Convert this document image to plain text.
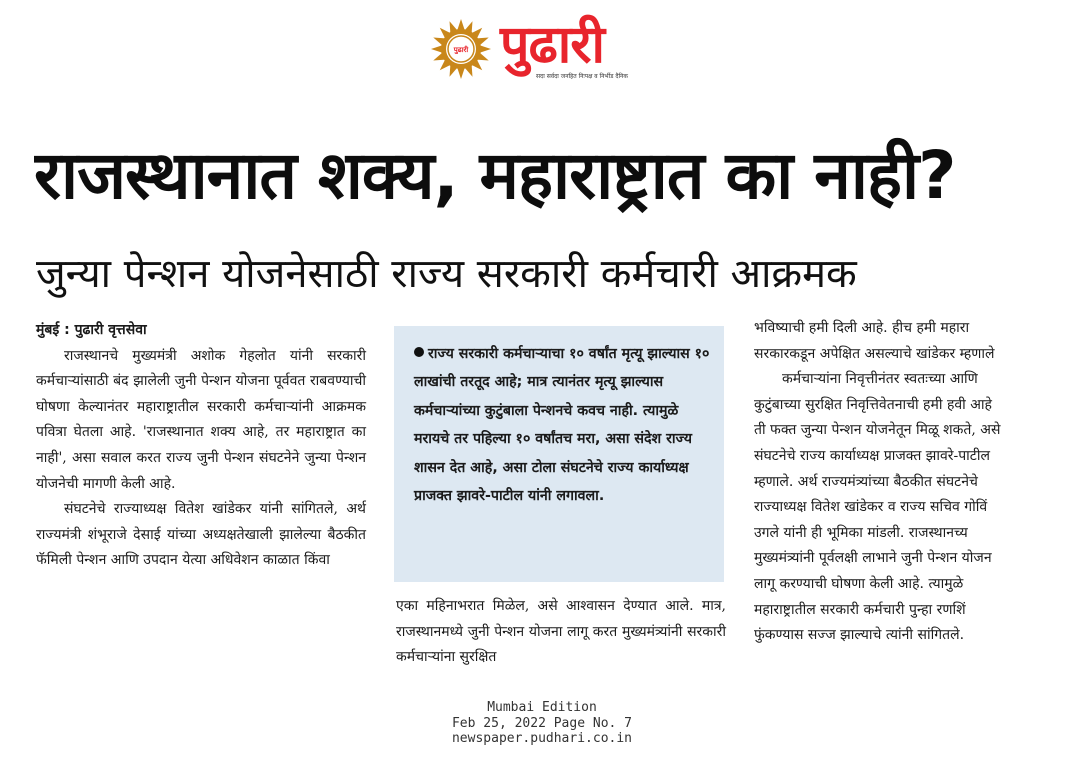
पुढारी पुढारी
सदा सर्वदा जनहित निःपक्ष व निर्भीड दैनिक
राजस्थानात शक्य, महाराष्ट्रात का नाही?
जुन्या पेन्शन योजनेसाठी राज्य सरकारी कर्मचारी आक्रमक
मुंबई : पुढारी वृत्तसेवा

राजस्थानचे मुख्यमंत्री अशोक गेहलोत यांनी सरकारी कर्मचाऱ्यांसाठी बंद झालेली जुनी पेन्शन योजना पूर्ववत राबवण्याची घोषणा केल्यानंतर महाराष्ट्रातील सरकारी कर्मचाऱ्यांनी आक्रमक पवित्रा घेतला आहे. 'राजस्थानात शक्य आहे, तर महाराष्ट्रात का नाही', असा सवाल करत राज्य जुनी पेन्शन संघटनेने जुन्या पेन्शन योजनेची मागणी केली आहे.

संघटनेचे राज्याध्यक्ष वितेश खांडेकर यांनी सांगितले, अर्थ राज्यमंत्री शंभूराजे देसाई यांच्या अध्यक्षतेखाली झालेल्या बैठकीत फॅमिली पेन्शन आणि उपदान येत्या अधिवेशन काळात किंवा

राज्य सरकारी कर्मचाऱ्याचा १० वर्षांत मृत्यू झाल्यास १० लाखांची तरतूद आहे; मात्र त्यानंतर मृत्यू झाल्यास कर्मचाऱ्यांच्या कुटुंबाला पेन्शनचे कवच नाही. त्यामुळे मरायचे तर पहिल्या १० वर्षांतच मरा, असा संदेश राज्य शासन देत आहे, असा टोला संघटनेचे राज्य कार्याध्यक्ष प्राजक्त झावरे-पाटील यांनी लगावला.

एका महिनाभरात मिळेल, असे आश्वासन देण्यात आले. मात्र, राजस्थानमध्ये जुनी पेन्शन योजना लागू करत मुख्यमंत्र्यांनी सरकारी कर्मचाऱ्यांना सुरक्षित

भविष्याची हमी दिली आहे. हीच हमी महारा

सरकारकडून अपेक्षित असल्याचे खांडेकर म्हणाले

कर्मचाऱ्यांना निवृत्तीनंतर स्वतःच्या आणि

कुटुंबाच्या सुरक्षित निवृत्तिवेतनाची हमी हवी आहे

ती फक्त जुन्या पेन्शन योजनेतून मिळू शकते, असे

संघटनेचे राज्य कार्याध्यक्ष प्राजक्त झावरे-पाटील

म्हणाले. अर्थ राज्यमंत्र्यांच्या बैठकीत संघटनेचे

राज्याध्यक्ष वितेश खांडेकर व राज्य सचिव गोविं

उगले यांनी ही भूमिका मांडली. राजस्थानच्य

मुख्यमंत्र्यांनी पूर्वलक्षी लाभाने जुनी पेन्शन योजन

लागू करण्याची घोषणा केली आहे. त्यामुळे

महाराष्ट्रातील सरकारी कर्मचारी पुन्हा रणशिं

फुंकण्यास सज्ज झाल्याचे त्यांनी सांगितले.

Mumbai Edition
Feb 25, 2022 Page No. 7
newspaper.pudhari.co.in
